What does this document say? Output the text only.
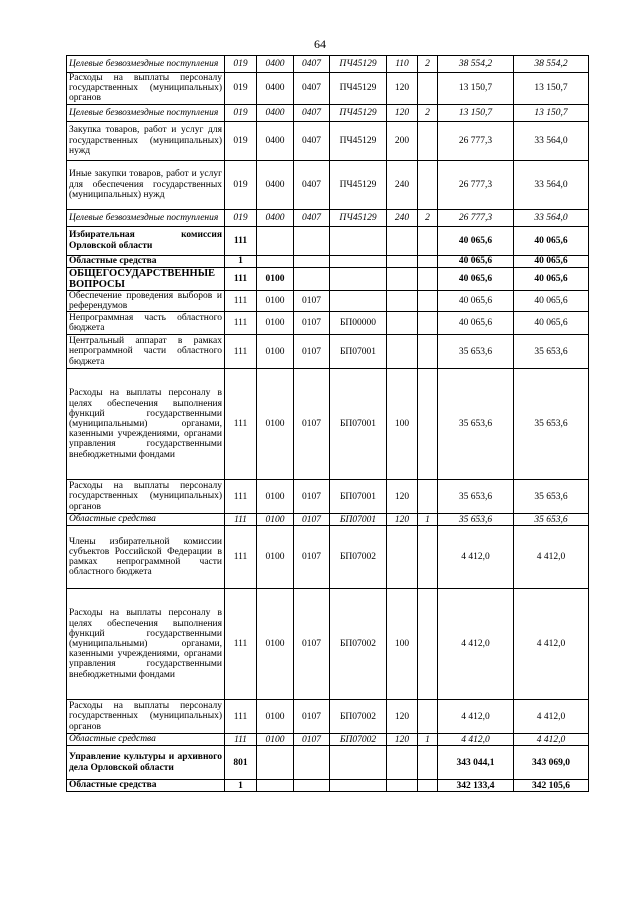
64
Целевые безвозмездные поступления	019	0400	0407	ПЧ45129	110	2	38 554,2	38 554,2
Расходы на выплаты персоналу государственных (муниципальных) органов	019	0400	0407	ПЧ45129	120		13 150,7	13 150,7
Целевые безвозмездные поступления	019	0400	0407	ПЧ45129	120	2	13 150,7	13 150,7
Закупка товаров, работ и услуг для государственных (муниципальных) нужд	019	0400	0407	ПЧ45129	200		26 777,3	33 564,0
Иные закупки товаров, работ и услуг для обеспечения государственных (муниципальных) нужд	019	0400	0407	ПЧ45129	240		26 777,3	33 564,0
Целевые безвозмездные поступления	019	0400	0407	ПЧ45129	240	2	26 777,3	33 564,0
Избирательная комиссия Орловской области	111						40 065,6	40 065,6
Областные средства	1						40 065,6	40 065,6
ОБЩЕГОСУДАРСТВЕННЫЕ ВОПРОСЫ	111	0100					40 065,6	40 065,6
Обеспечение проведения выборов и референдумов	111	0100	0107				40 065,6	40 065,6
Непрограммная часть областного бюджета	111	0100	0107	БП00000			40 065,6	40 065,6
Центральный аппарат в рамках непрограммной части областного бюджета	111	0100	0107	БП07001			35 653,6	35 653,6
Расходы на выплаты персоналу в целях обеспечения выполнения функций государственными (муниципальными) органами, казенными учреждениями, органами управления государственными внебюджетными фондами	111	0100	0107	БП07001	100		35 653,6	35 653,6
Расходы на выплаты персоналу государственных (муниципальных) органов	111	0100	0107	БП07001	120		35 653,6	35 653,6
Областные средства	111	0100	0107	БП07001	120	1	35 653,6	35 653,6
Члены избирательной комиссии субъектов Российской Федерации в рамках непрограммной части областного бюджета	111	0100	0107	БП07002			4 412,0	4 412,0
Расходы на выплаты персоналу в целях обеспечения выполнения функций государственными (муниципальными) органами, казенными учреждениями, органами управления государственными внебюджетными фондами	111	0100	0107	БП07002	100		4 412,0	4 412,0
Расходы на выплаты персоналу государственных (муниципальных) органов	111	0100	0107	БП07002	120		4 412,0	4 412,0
Областные средства	111	0100	0107	БП07002	120	1	4 412,0	4 412,0
Управление культуры и архивного дела Орловской области	801						343 044,1	343 069,0
Областные средства	1						342 133,4	342 105,6
